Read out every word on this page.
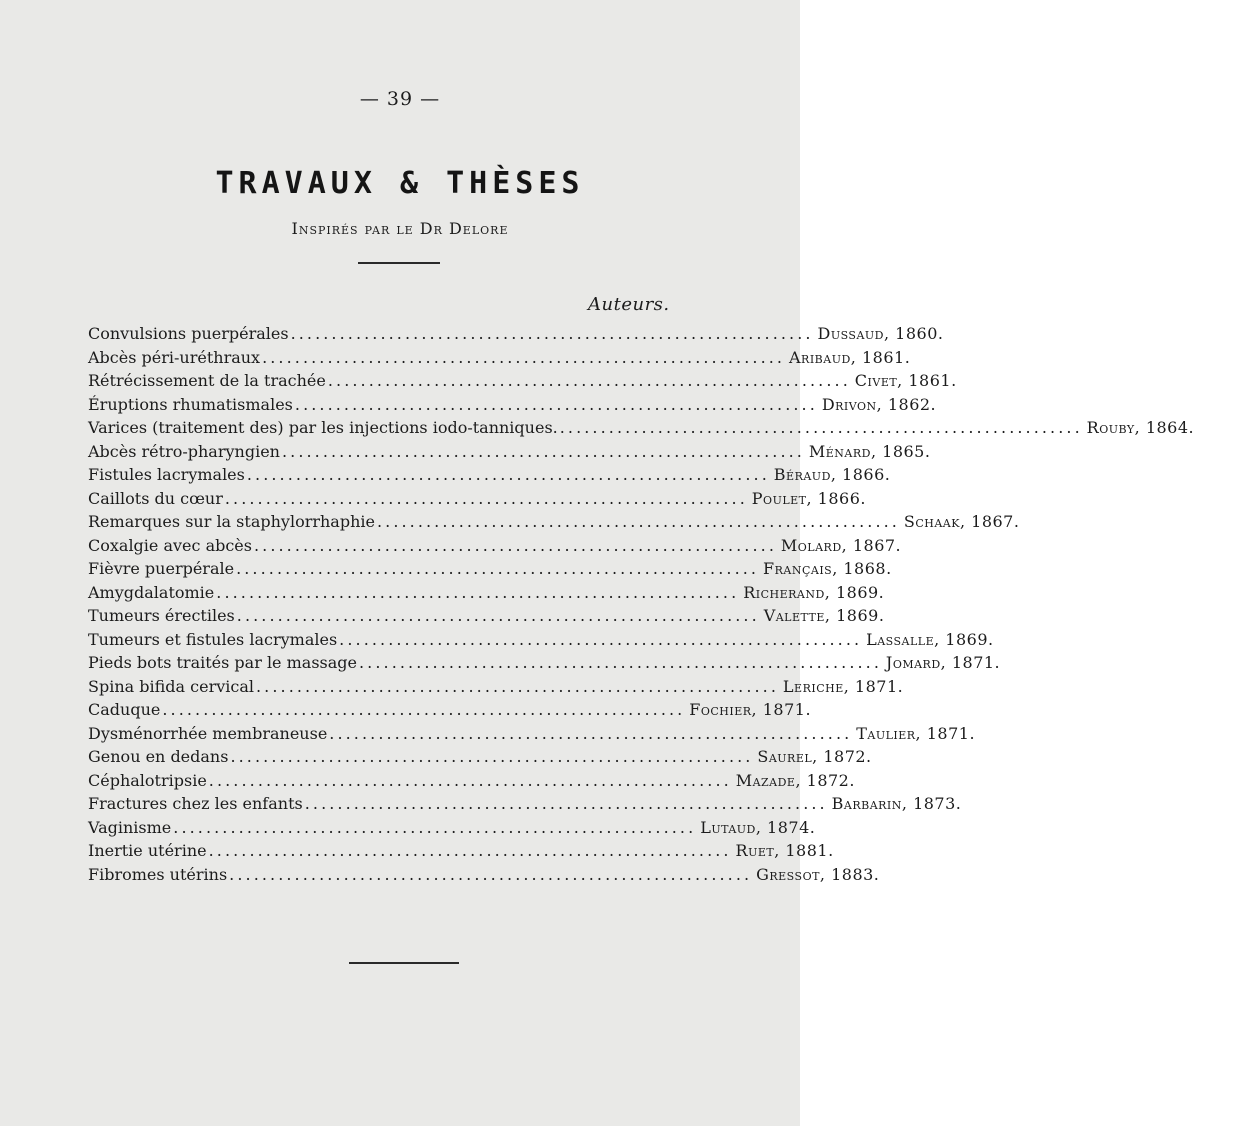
— 39 —
TRAVAUX & THÈSES
Inspirés par le Dr Delore
Auteurs.
Convulsions puerpérales . . .	Dussaud, 1860.
Abcès péri-uréthraux . . .	Aribaud, 1861.
Rétrécissement de la trachée . . .	Civet, 1861.
Éruptions rhumatismales . . .	Drivon, 1862.
Varices (traitement des) par les injections iodo-tanniques. . . .	Rouby, 1864.
Abcès rétro-pharyngien . . .	Ménard, 1865.
Fistules lacrymales . . .	Béraud, 1866.
Caillots du cœur . . .	Poulet, 1866.
Remarques sur la staphylorrhaphie . . .	Schaak, 1867.
Coxalgie avec abcès . . .	Molard, 1867.
Fièvre puerpérale . . .	Français, 1868.
Amygdalatomie . . .	Richerand, 1869.
Tumeurs érectiles . . .	Valette, 1869.
Tumeurs et fistules lacrymales . . .	Lassalle, 1869.
Pieds bots traités par le massage . . .	Jomard, 1871.
Spina bifida cervical . . .	Leriche, 1871.
Caduque . . .	Fochier, 1871.
Dysménorrhée membraneuse . . .	Taulier, 1871.
Genou en dedans . . .	Saurel, 1872.
Céphalotripsie . . .	Mazade, 1872.
Fractures chez les enfants . . .	Barbarin, 1873.
Vaginisme . . .	Lutaud, 1874.
Inertie utérine . . .	Ruet, 1881.
Fibromes utérins . . .	Gressot, 1883.
